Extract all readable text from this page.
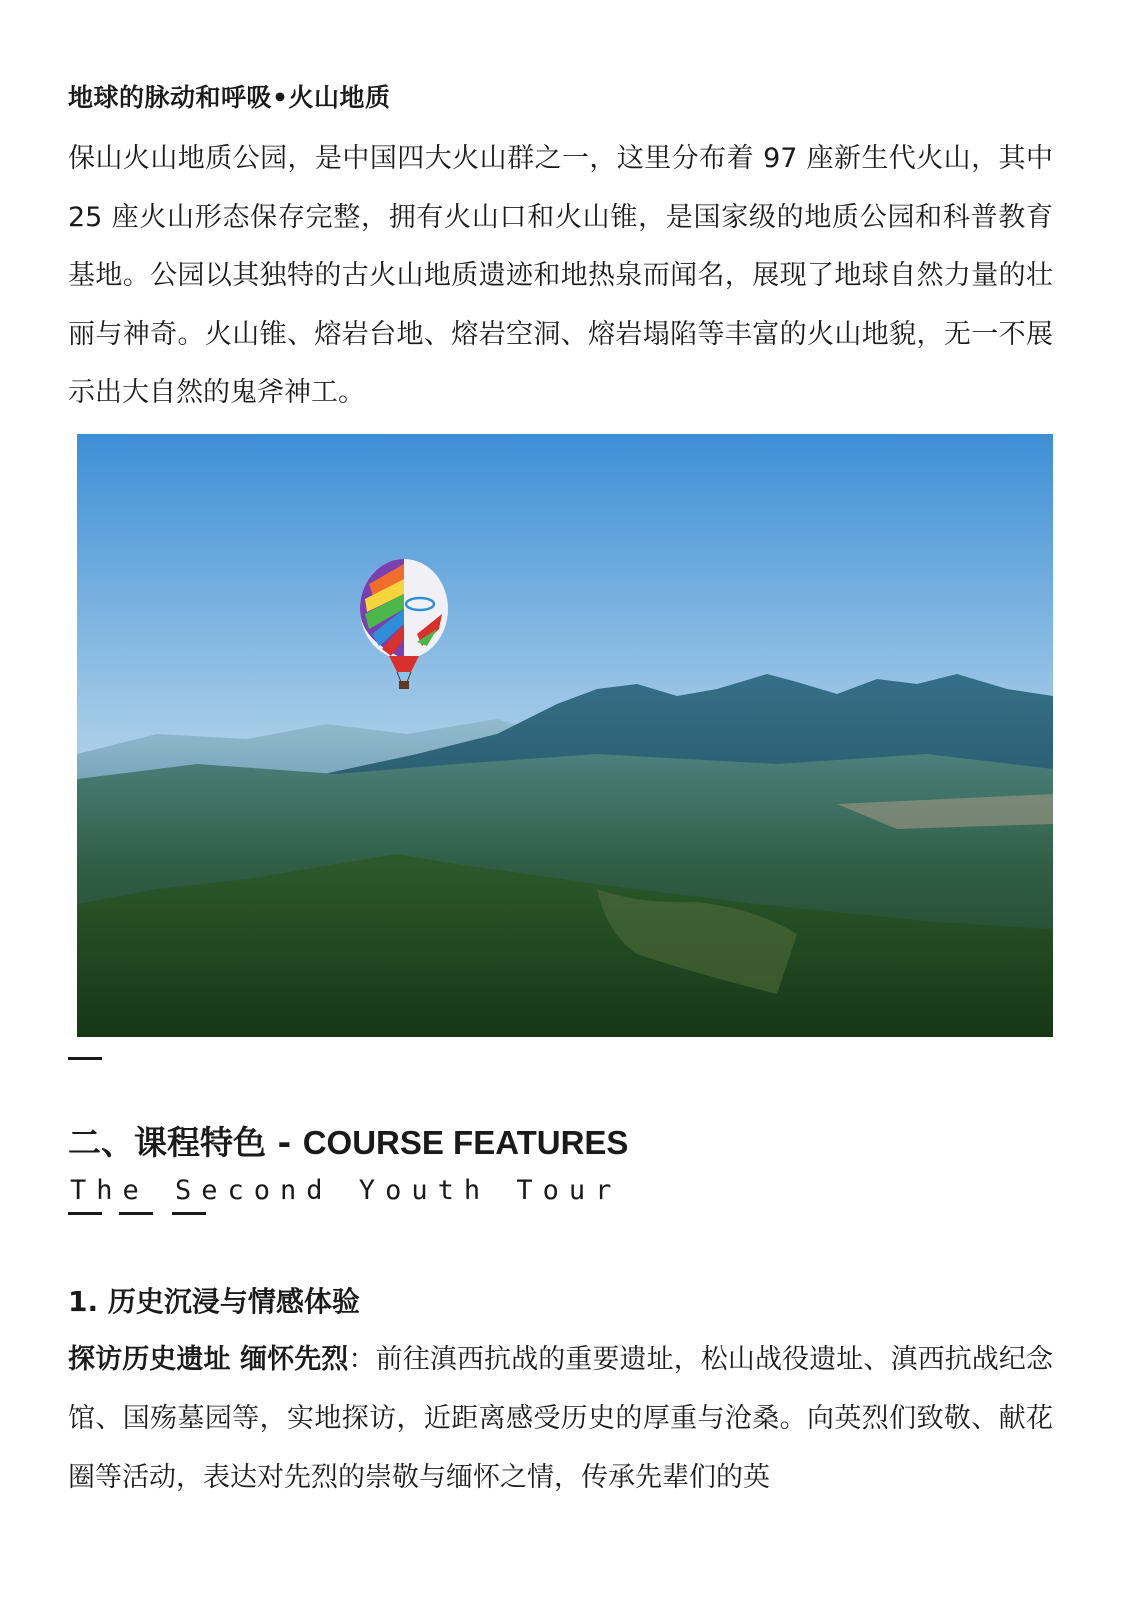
地球的脉动和呼吸•火山地质
保山火山地质公园，是中国四大火山群之一，这里分布着 97 座新生代火山，其中 25 座火山形态保存完整，拥有火山口和火山锥，是国家级的地质公园和科普教育基地。公园以其独特的古火山地质遗迹和地热泉而闻名，展现了地球自然力量的壮丽与神奇。火山锥、熔岩台地、熔岩空洞、熔岩塌陷等丰富的火山地貌，无一不展示出大自然的鬼斧神工。
二、课程特色 - COURSE FEATURES
The Second Youth Tour
1. 历史沉浸与情感体验
探访历史遗址 缅怀先烈：前往滇西抗战的重要遗址，松山战役遗址、滇西抗战纪念馆、国殇墓园等，实地探访，近距离感受历史的厚重与沧桑。向英烈们致敬、献花圈等活动，表达对先烈的崇敬与缅怀之情，传承先辈们的英
